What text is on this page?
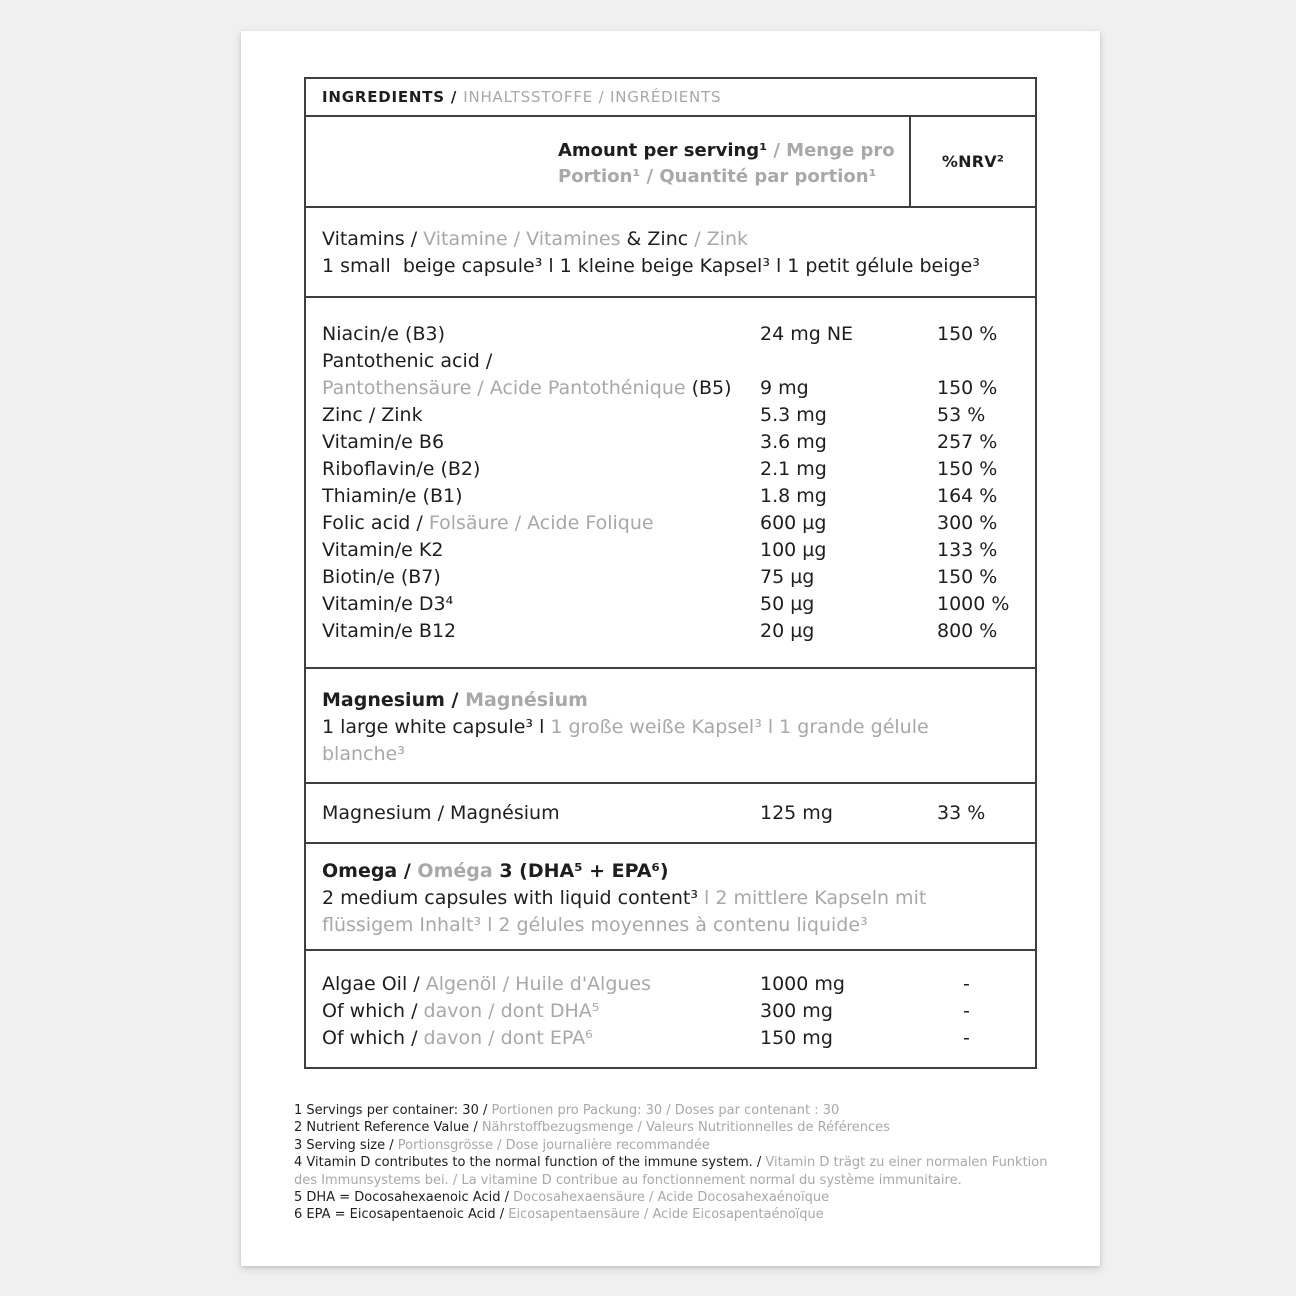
INGREDIENTS / INHALTSSTOFFE / INGRÉDIENTS
Amount per serving¹ / Menge pro
Portion¹ / Quantité par portion¹
%NRV²
Vitamins / Vitamine / Vitamines & Zinc / Zink
1 small  beige capsule³ l 1 kleine beige Kapsel³ l 1 petit gélule beige³
Niacin/e (B3)	24 mg NE	150 %
Pantothenic acid /
Pantothensäure / Acide Pantothénique (B5)	9 mg	150 %
Zinc / Zink	5.3 mg	53 %
Vitamin/e B6	3.6 mg	257 %
Riboflavin/e (B2)	2.1 mg	150 %
Thiamin/e (B1)	1.8 mg	164 %
Folic acid / Folsäure / Acide Folique	600 µg	300 %
Vitamin/e K2	100 µg	133 %
Biotin/e (B7)	75 µg	150 %
Vitamin/e D3⁴	50 µg	1000 %
Vitamin/e B12	20 µg	800 %
Magnesium / Magnésium
1 large white capsule³ l 1 große weiße Kapsel³ l 1 grande gélule
blanche³
Magnesium / Magnésium	125 mg	33 %
Omega / Oméga 3 (DHA⁵ + EPA⁶)
2 medium capsules with liquid content³ l 2 mittlere Kapseln mit
flüssigem Inhalt³ l 2 gélules moyennes à contenu liquide³
Algae Oil / Algenöl / Huile d'Algues	1000 mg	-
Of which / davon / dont DHA⁵	300 mg	-
Of which / davon / dont EPA⁶	150 mg	-
1 Servings per container: 30 / Portionen pro Packung: 30 / Doses par contenant : 30
2 Nutrient Reference Value / Nährstoffbezugsmenge / Valeurs Nutritionnelles de Références
3 Serving size / Portionsgrösse / Dose journalière recommandée
4 Vitamin D contributes to the normal function of the immune system. / Vitamin D trägt zu einer normalen Funktion
des Immunsystems bei. / La vitamine D contribue au fonctionnement normal du système immunitaire.
5 DHA = Docosahexaenoic Acid / Docosahexaensäure / Acide Docosahexaénoïque
6 EPA = Eicosapentaenoic Acid / Eicosapentaensäure / Acide Eicosapentaénoïque
